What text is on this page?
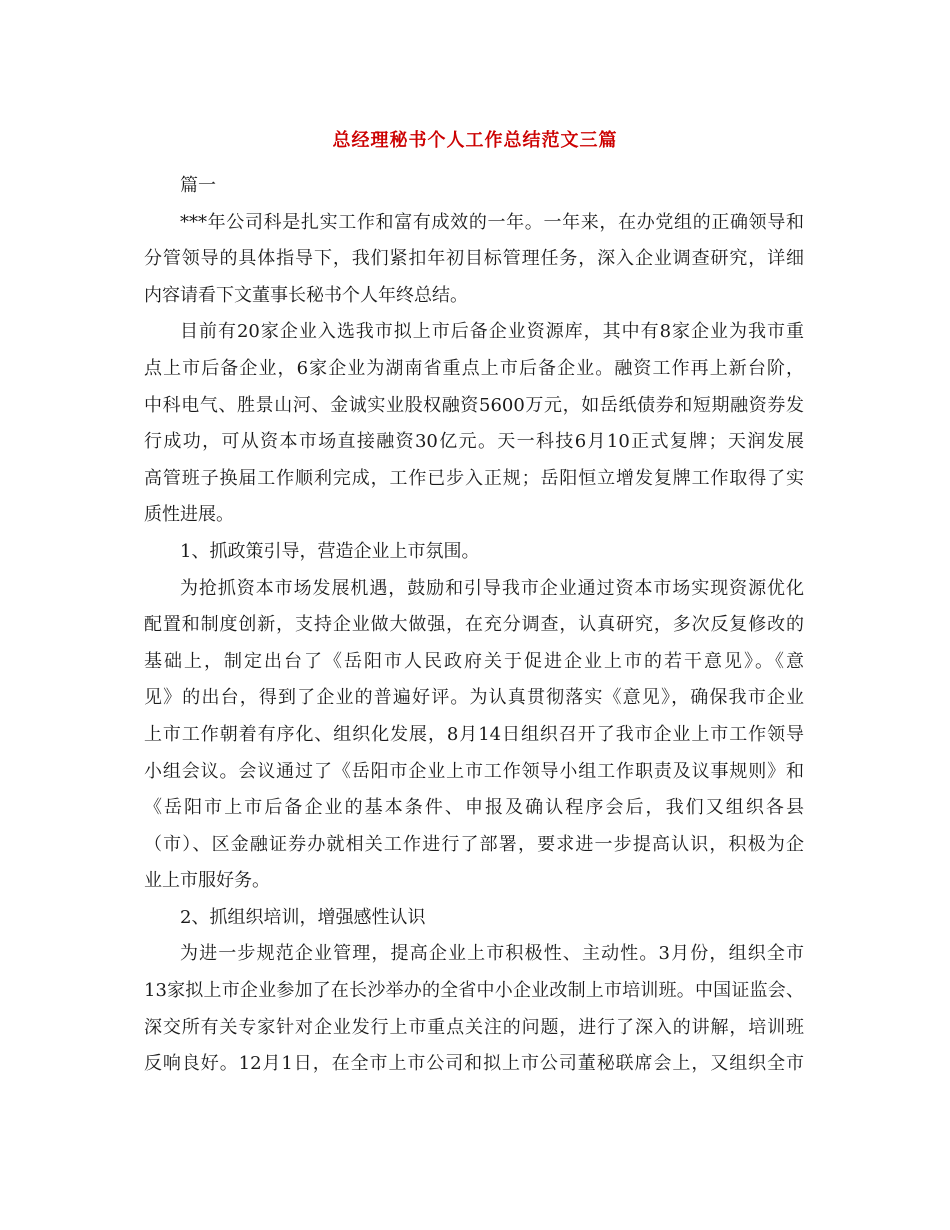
总经理秘书个人工作总结范文三篇
篇一
***年公司科是扎实工作和富有成效的一年。一年来，在办党组的正确领导和
分管领导的具体指导下，我们紧扣年初目标管理任务，深入企业调查研究，详细
内容请看下文董事长秘书个人年终总结。
目前有20家企业入选我市拟上市后备企业资源库，其中有8家企业为我市重
点上市后备企业，6家企业为湖南省重点上市后备企业。融资工作再上新台阶，
中科电气、胜景山河、金诚实业股权融资5600万元，如岳纸债券和短期融资券发
行成功，可从资本市场直接融资30亿元。天一科技6月10正式复牌；天润发展
高管班子换届工作顺利完成，工作已步入正规；岳阳恒立增发复牌工作取得了实
质性进展。
1、抓政策引导，营造企业上市氛围。
为抢抓资本市场发展机遇，鼓励和引导我市企业通过资本市场实现资源优化
配置和制度创新，支持企业做大做强，在充分调查，认真研究，多次反复修改的
基础上，制定出台了《岳阳市人民政府关于促进企业上市的若干意见》。《意
见》的出台，得到了企业的普遍好评。为认真贯彻落实《意见》，确保我市企业
上市工作朝着有序化、组织化发展，8月14日组织召开了我市企业上市工作领导
小组会议。会议通过了《岳阳市企业上市工作领导小组工作职责及议事规则》和
《岳阳市上市后备企业的基本条件、申报及确认程序会后，我们又组织各县
（市）、区金融证券办就相关工作进行了部署，要求进一步提高认识，积极为企
业上市服好务。
2、抓组织培训，增强感性认识
为进一步规范企业管理，提高企业上市积极性、主动性。3月份，组织全市
13家拟上市企业参加了在长沙举办的全省中小企业改制上市培训班。中国证监会、
深交所有关专家针对企业发行上市重点关注的问题，进行了深入的讲解，培训班
反响良好。12月1日，在全市上市公司和拟上市公司董秘联席会上，又组织全市
